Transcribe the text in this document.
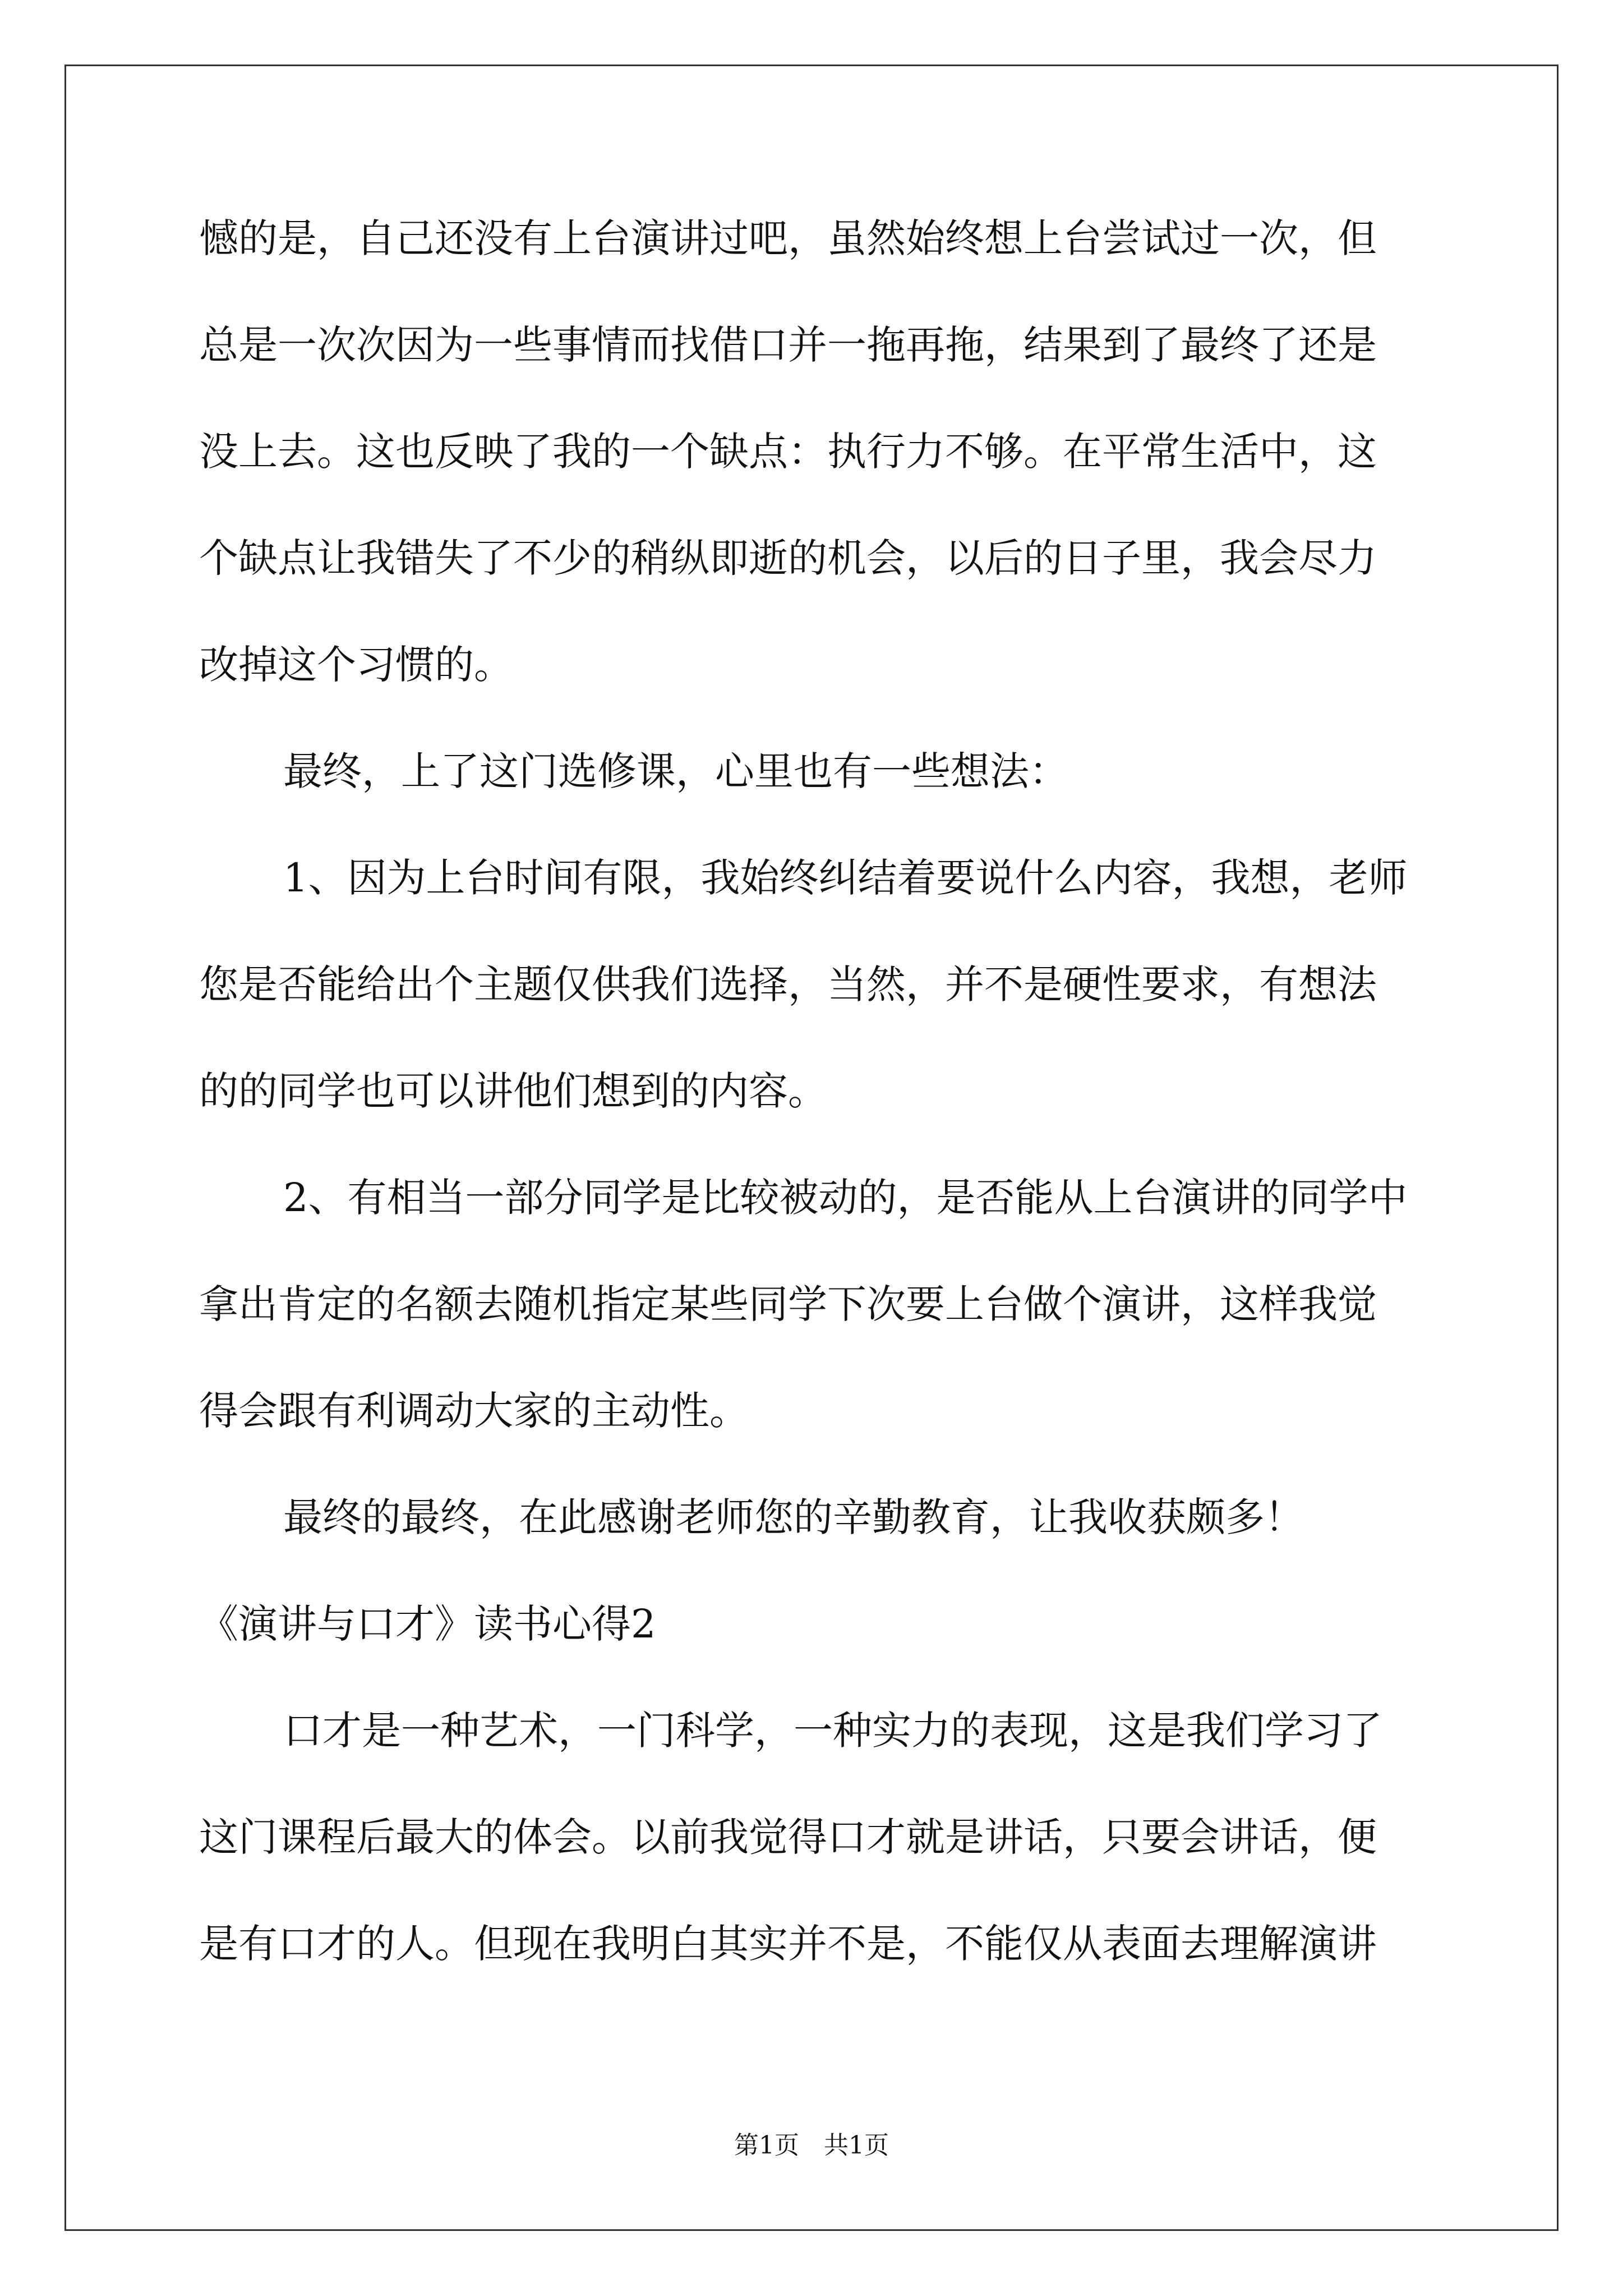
憾的是，自己还没有上台演讲过吧，虽然始终想上台尝试过一次，但
总是一次次因为一些事情而找借口并一拖再拖，结果到了最终了还是
没上去。这也反映了我的一个缺点：执行力不够。在平常生活中，这
个缺点让我错失了不少的稍纵即逝的机会，以后的日子里，我会尽力
改掉这个习惯的。
最终，上了这门选修课，心里也有一些想法：
1、因为上台时间有限，我始终纠结着要说什么内容，我想，老师
您是否能给出个主题仅供我们选择，当然，并不是硬性要求，有想法
的的同学也可以讲他们想到的内容。
2、有相当一部分同学是比较被动的，是否能从上台演讲的同学中
拿出肯定的名额去随机指定某些同学下次要上台做个演讲，这样我觉
得会跟有利调动大家的主动性。
最终的最终，在此感谢老师您的辛勤教育，让我收获颇多！
《演讲与口才》读书心得2
口才是一种艺术，一门科学，一种实力的表现，这是我们学习了
这门课程后最大的体会。以前我觉得口才就是讲话，只要会讲话，便
是有口才的人。但现在我明白其实并不是，不能仅从表面去理解演讲
第1页　共1页
